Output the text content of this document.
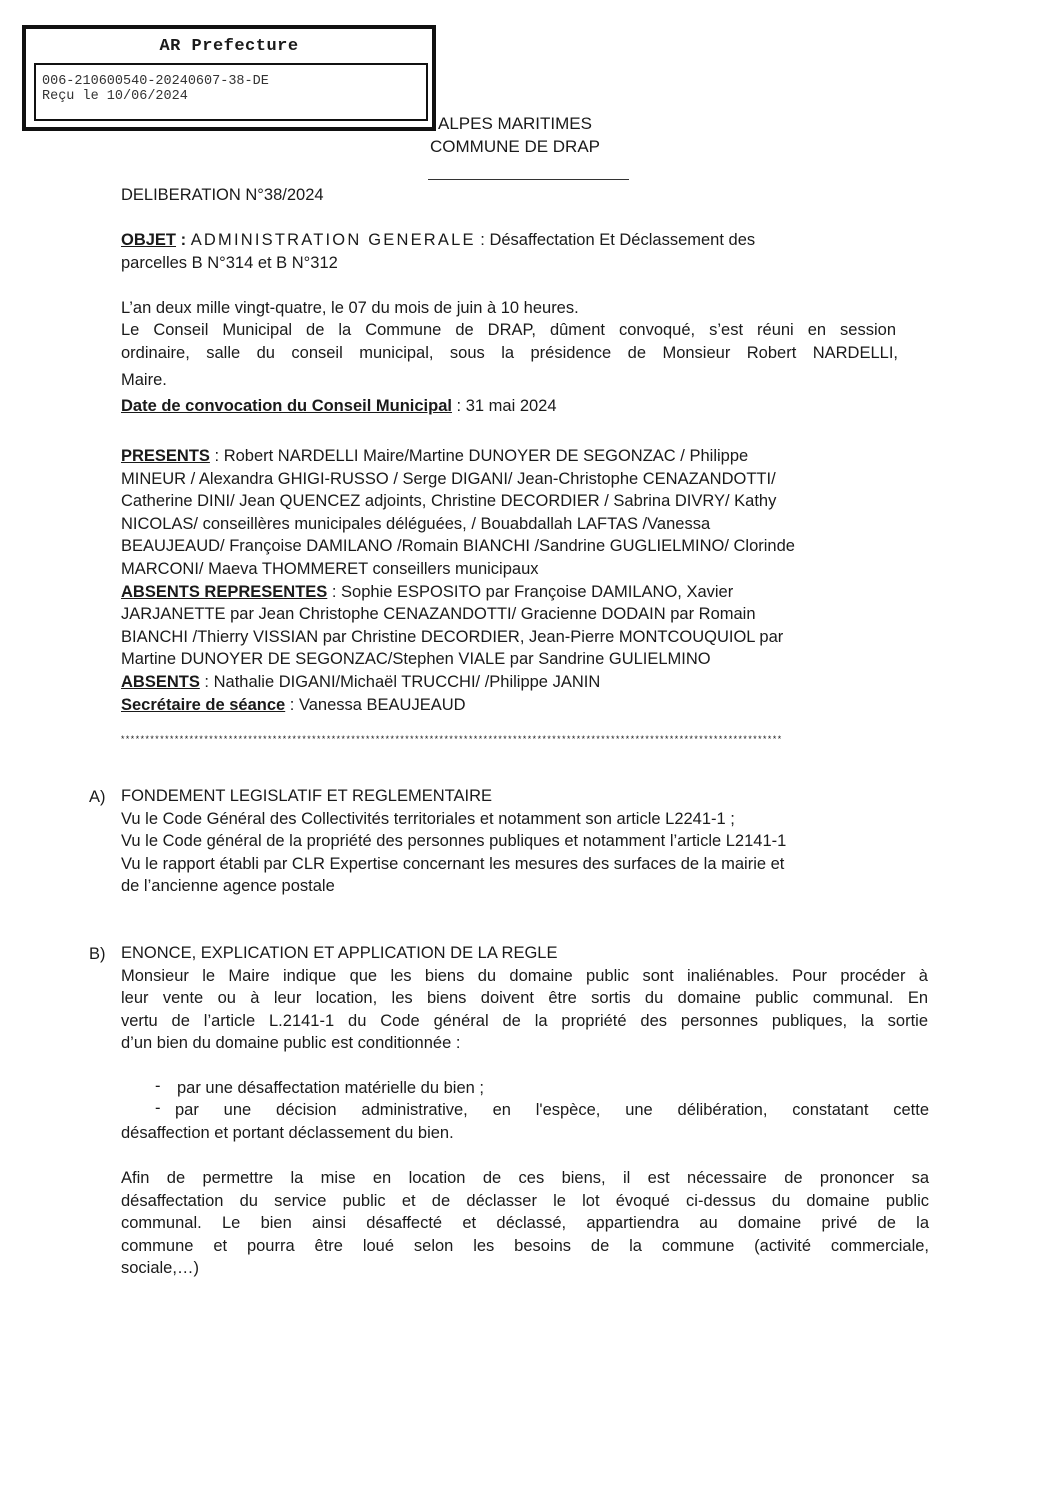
AR Prefecture
006-210600540-20240607-38-DE
Reçu le 10/06/2024
ALPES MARITIMES
COMMUNE DE DRAP
DELIBERATION N°38/2024
OBJET : ADMINISTRATION GENERALE : Désaffectation Et Déclassement des
parcelles B N°314 et B N°312
L’an deux mille vingt-quatre, le 07 du mois de juin à 10 heures.
Le Conseil Municipal de la Commune de DRAP, dûment convoqué, s’est réuni en session
ordinaire, salle du conseil municipal, sous la présidence de Monsieur Robert NARDELLI,
Maire.
Date de convocation du Conseil Municipal : 31 mai 2024
PRESENTS : Robert NARDELLI Maire/Martine DUNOYER DE SEGONZAC / Philippe
MINEUR / Alexandra GHIGI-RUSSO / Serge DIGANI/ Jean-Christophe CENAZANDOTTI/
Catherine DINI/ Jean QUENCEZ adjoints, Christine DECORDIER / Sabrina DIVRY/ Kathy
NICOLAS/ conseillères municipales déléguées, / Bouabdallah LAFTAS /Vanessa
BEAUJEAUD/ Françoise DAMILANO /Romain BIANCHI /Sandrine GUGLIELMINO/ Clorinde
MARCONI/ Maeva THOMMERET conseillers municipaux
ABSENTS REPRESENTES : Sophie ESPOSITO par Françoise DAMILANO, Xavier
JARJANETTE par Jean Christophe CENAZANDOTTI/ Gracienne DODAIN par Romain
BIANCHI /Thierry VISSIAN par Christine DECORDIER, Jean-Pierre MONTCOUQUIOL par
Martine DUNOYER DE SEGONZAC/Stephen VIALE par Sandrine GULIELMINO
ABSENTS : Nathalie DIGANI/Michaël TRUCCHI/ /Philippe JANIN
Secrétaire de séance : Vanessa BEAUJEAUD
***************************************************************************************************************************************
A) FONDEMENT LEGISLATIF ET REGLEMENTAIRE
Vu le Code Général des Collectivités territoriales et notamment son article L2241-1 ;
Vu le Code général de la propriété des personnes publiques et notamment l’article L2141-1
Vu le rapport établi par CLR Expertise concernant les mesures des surfaces de la mairie et
de l’ancienne agence postale
B) ENONCE, EXPLICATION ET APPLICATION DE LA REGLE
Monsieur le Maire indique que les biens du domaine public sont inaliénables. Pour procéder à
leur vente ou à leur location, les biens doivent être sortis du domaine public communal. En
vertu de l’article L.2141-1 du Code général de la propriété des personnes publiques, la sortie
d’un bien du domaine public est conditionnée :
- par une désaffectation matérielle du bien ;
- par une décision administrative, en l'espèce, une délibération, constatant cette
désaffection et portant déclassement du bien.
Afin de permettre la mise en location de ces biens, il est nécessaire de prononcer sa
désaffectation du service public et de déclasser le lot évoqué ci-dessus du domaine public
communal. Le bien ainsi désaffecté et déclassé, appartiendra au domaine privé de la
commune et pourra être loué selon les besoins de la commune (activité commerciale,
sociale,…)
